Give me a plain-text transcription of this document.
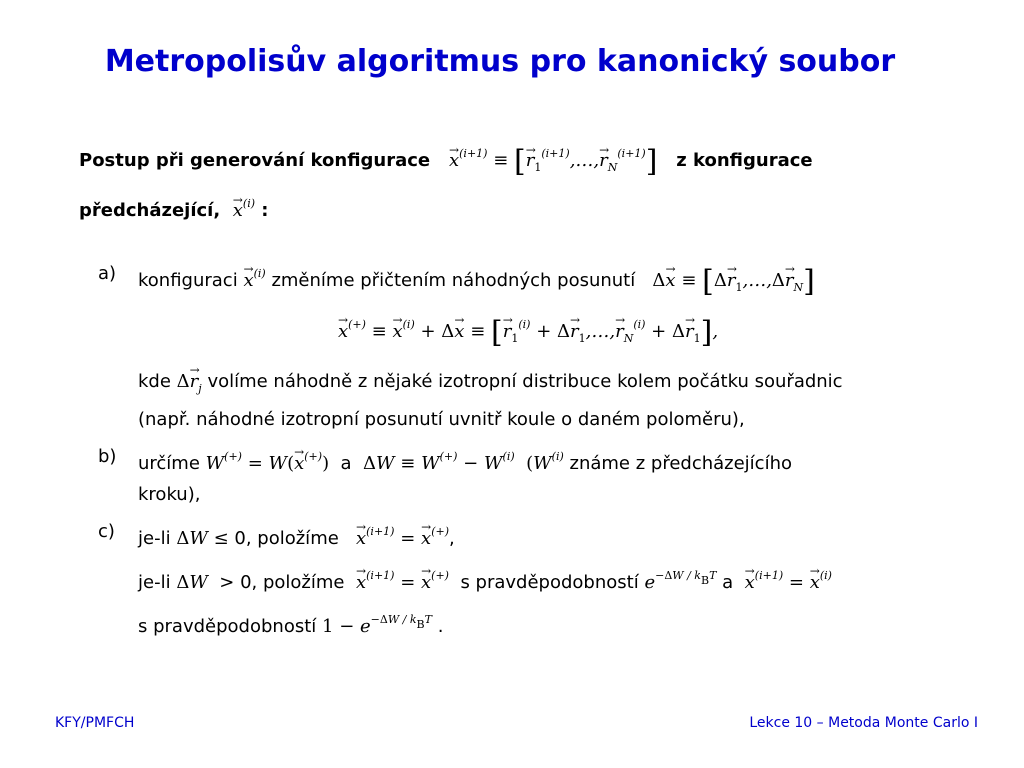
Metropolisův algoritmus pro kanonický soubor
Postup při generování konfigurace → $x^{(i+1)}$ ≡ [→ $r_1^{(i+1)},\dots,\to r_N^{(i+1)}$] z konfigurace
předcházející, → $x^{(i)}$ :
a) konfiguraci → $x^{(i)}$ změníme přičtením náhodných posunutí $\Delta\to x \equiv [\Delta\to r_1,\dots,\Delta\to r_N]$
→ x(+) ≡ → $x^{(i)} + \Delta\to x$ ≡ [→ $r_1^{(i)} + \Delta\to$ $r_1,\dots,\to r_N^{(i)} + \Delta\to r_1$],
kde $\Delta\to r_j$ volíme náhodně z nějaké izotropní distribuce kolem počátku souřadnic
(např. náhodné izotropní posunutí uvnitř koule o daném poloměru),
b) určíme W(+) = W(→ x(+)) a $\Delta W \equiv W^{(+)} - W^{(i)}$ ($W^{(i)}$ známe z předcházejícího
kroku),
c) je-li ΔW ≤ 0, položíme → $x^{(i+1)}$ = → x(+),
je-li ΔW > 0, položíme → $x^{(i+1)}$ = → x(+) s pravděpodobností $e^{-\Delta W / k_BT}$ $a \to x^{(i+1)}$ = → $x^{(i)}$
s pravděpodobností $1 - e^{-\Delta W / k_BT}$ .
KFY/PMFCH	Lekce 10 – Metoda Monte Carlo I
